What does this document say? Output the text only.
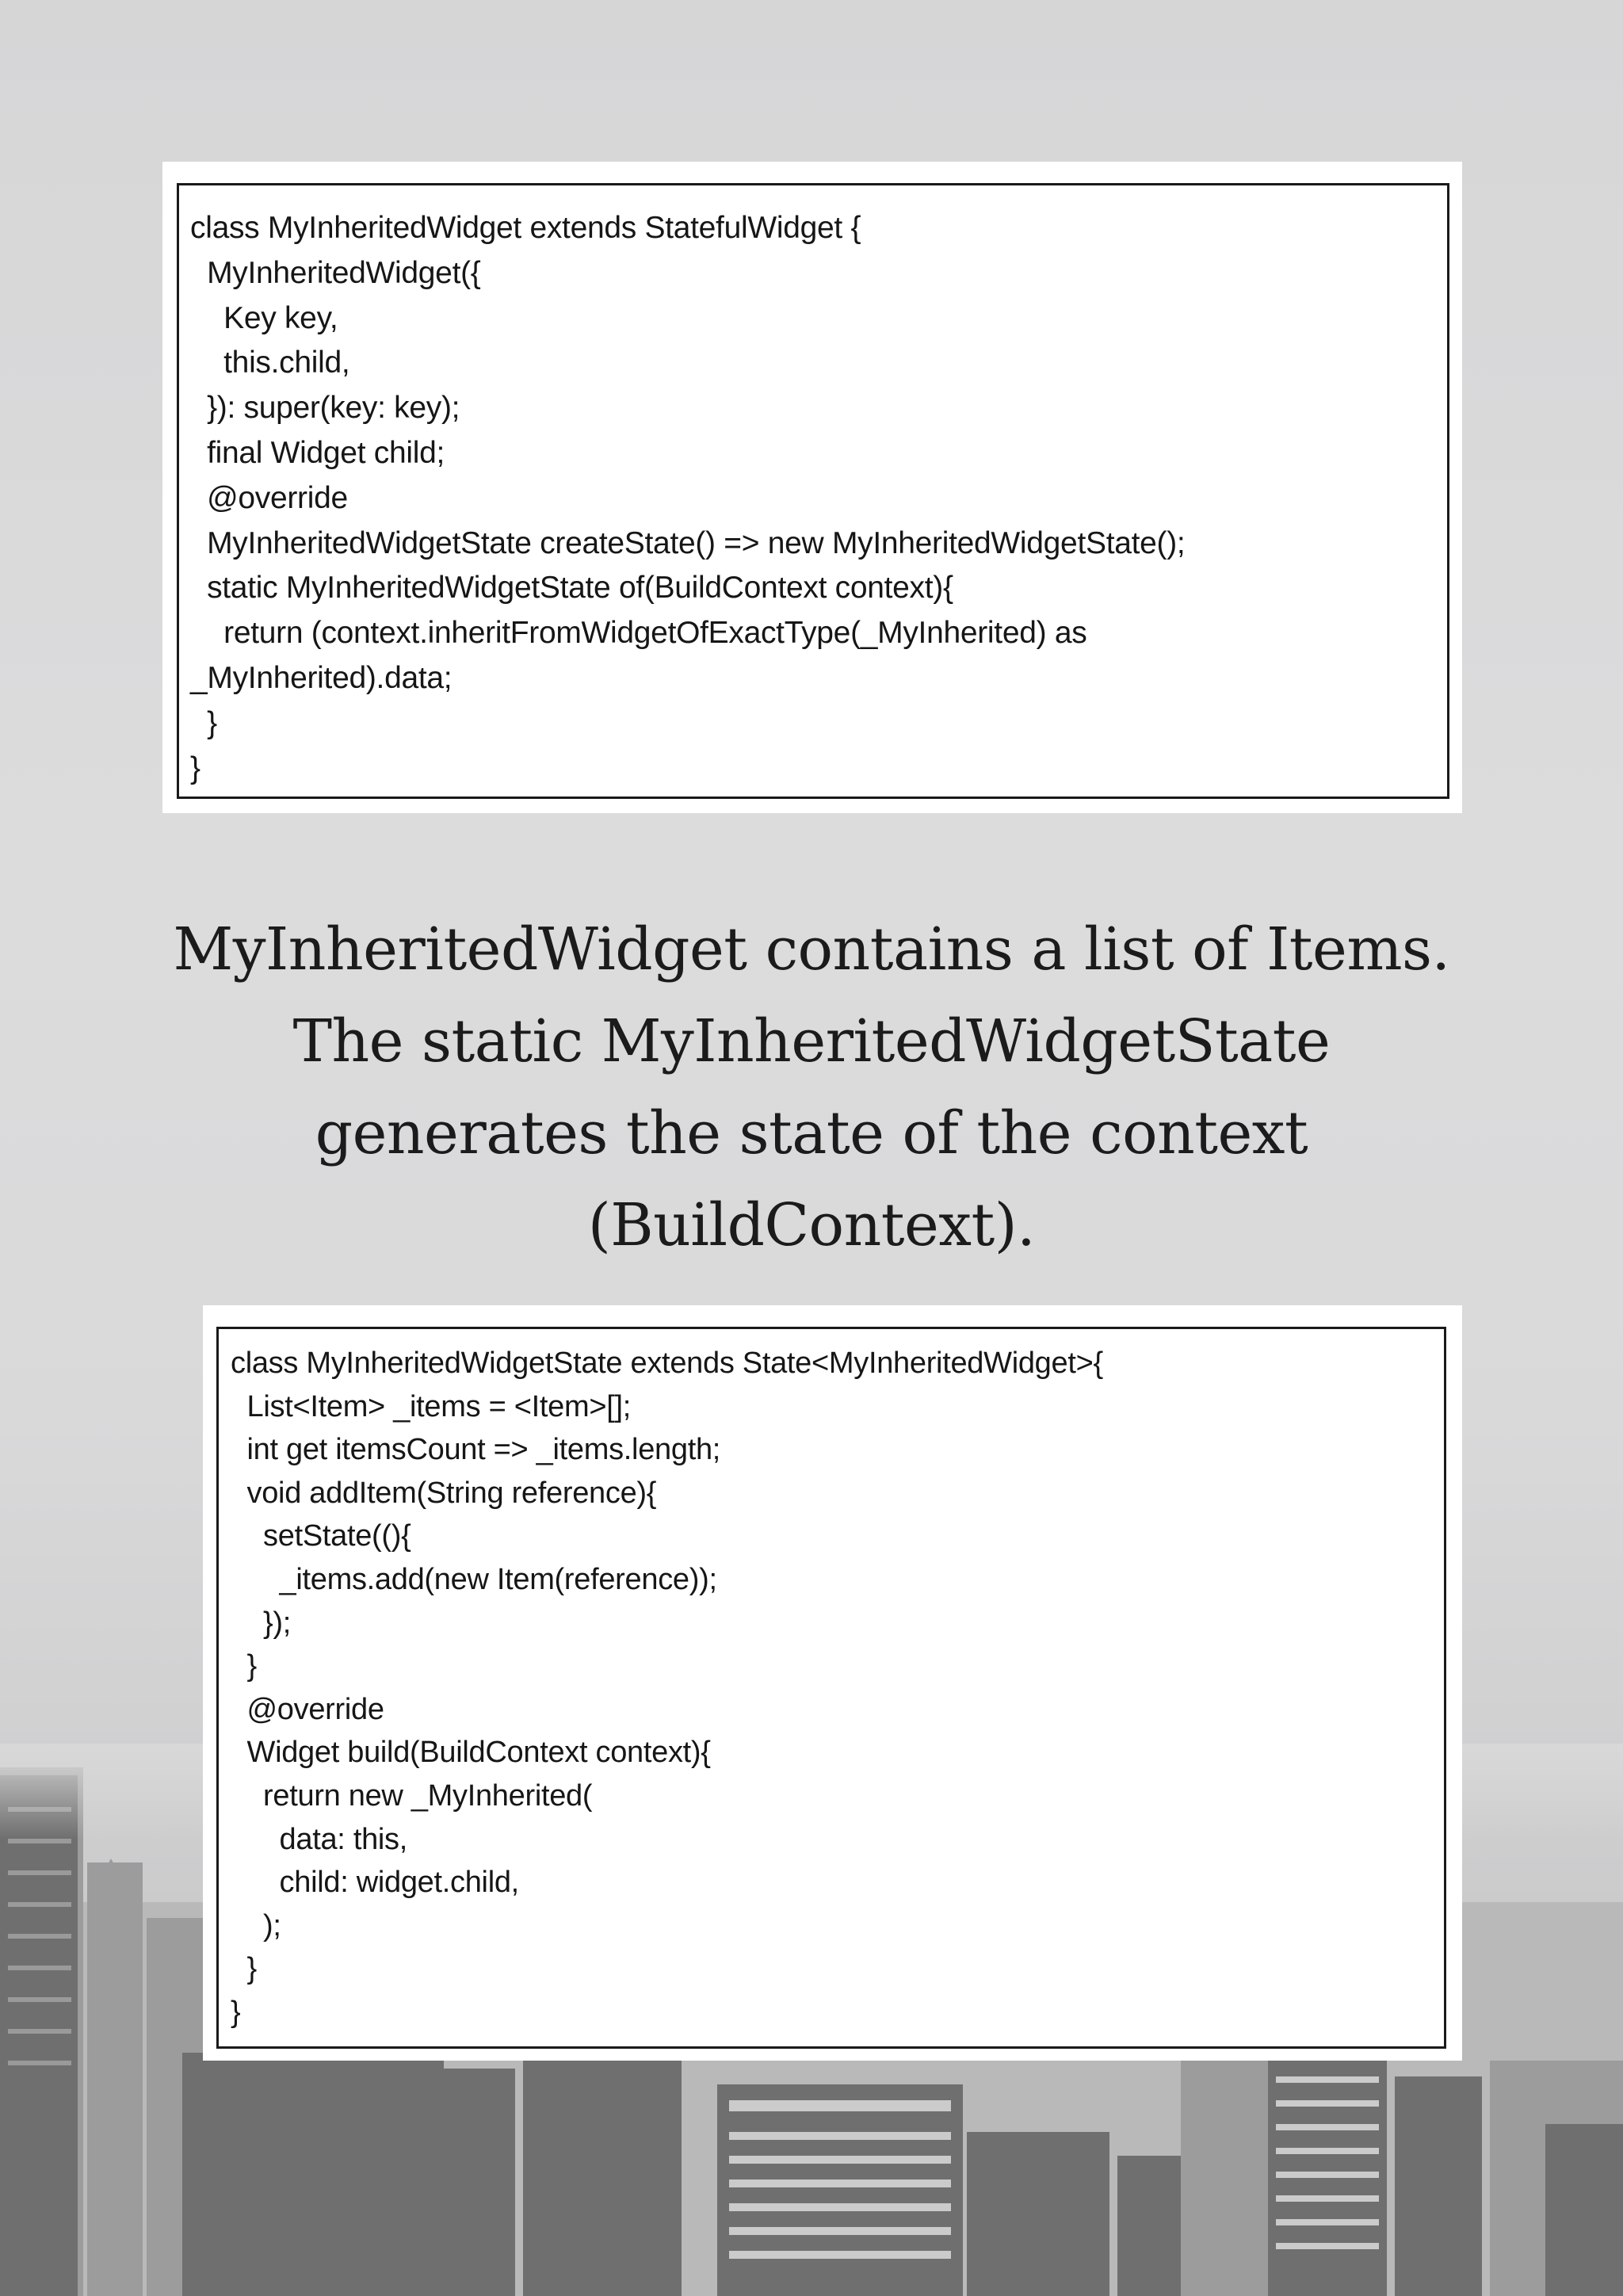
class MyInheritedWidget extends StatefulWidget {
MyInheritedWidget({
Key key,
this.child,
}): super(key: key);
final Widget child;
@override
MyInheritedWidgetState createState() => new MyInheritedWidgetState();
static MyInheritedWidgetState of(BuildContext context){
return (context.inheritFromWidgetOfExactType(_MyInherited) as
_MyInherited).data;
}
}
MyInheritedWidget contains a list of Items.
The static MyInheritedWidgetState
generates the state of the context
(BuildContext).
class MyInheritedWidgetState extends State<MyInheritedWidget>{
List<Item> _items = <Item>[];
int get itemsCount => _items.length;
void addItem(String reference){
setState((){
_items.add(new Item(reference));
});
}
@override
Widget build(BuildContext context){
return new _MyInherited(
data: this,
child: widget.child,
);
}
}
